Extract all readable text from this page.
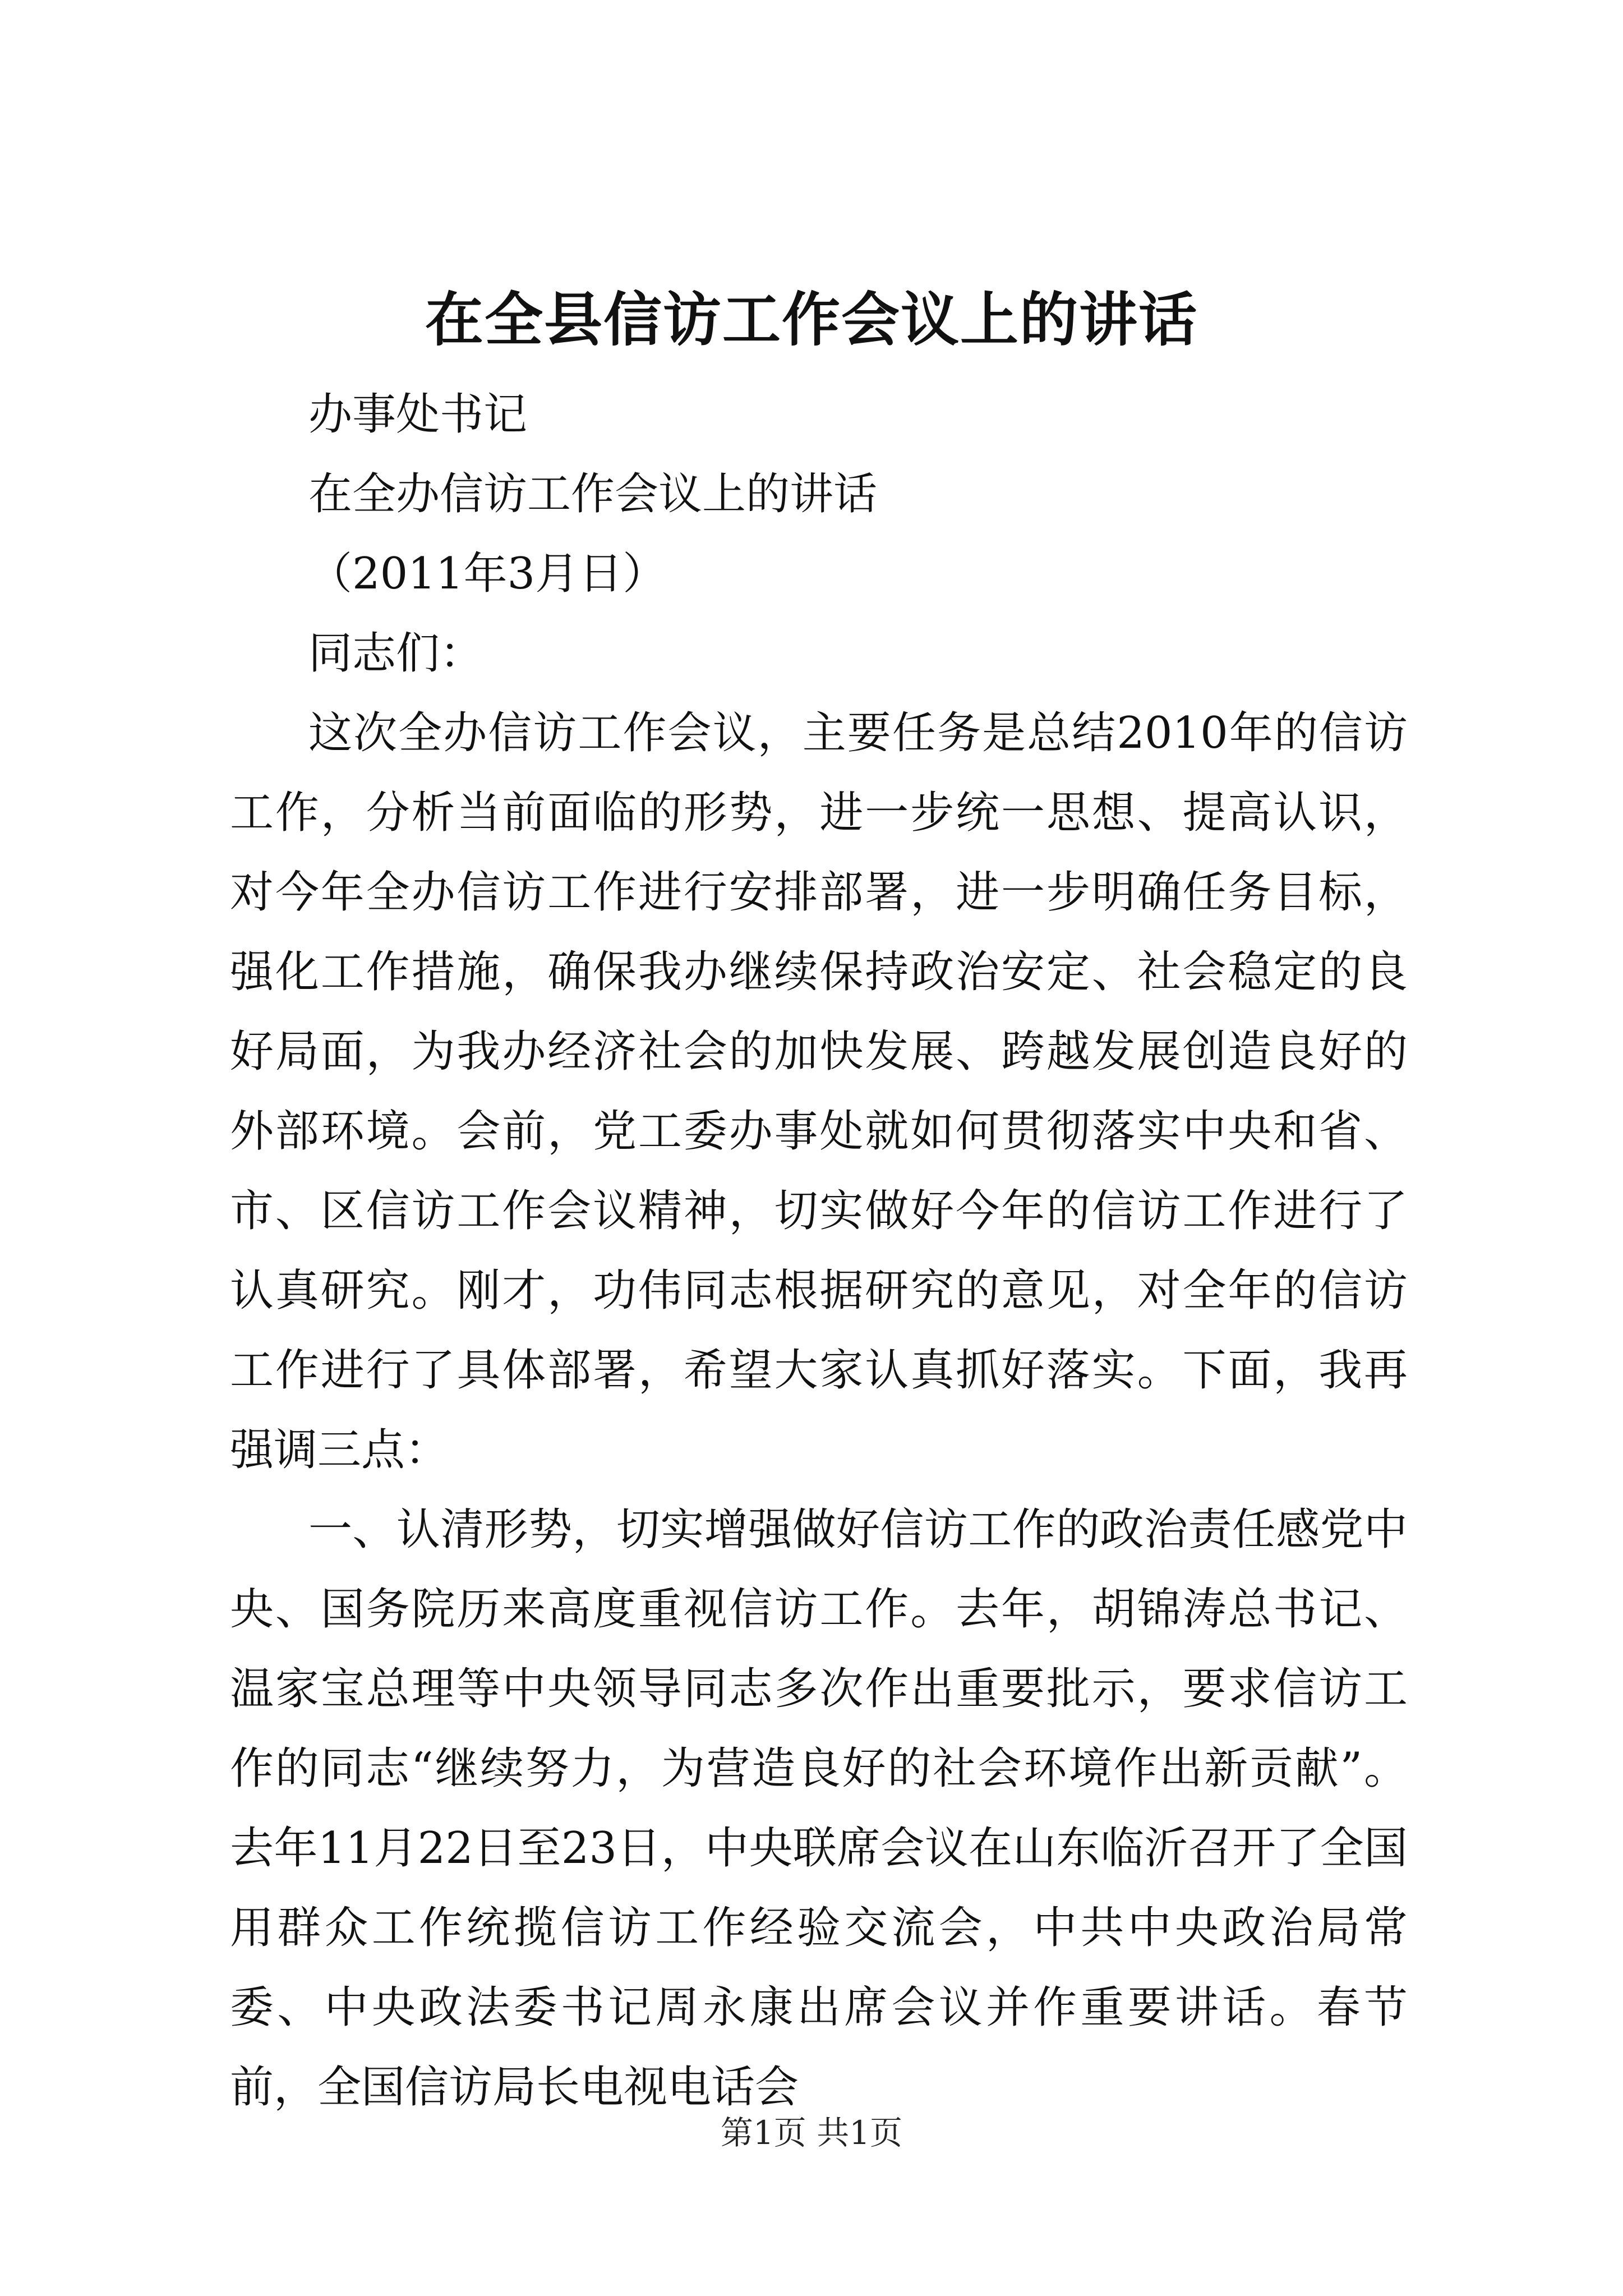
在全县信访工作会议上的讲话

办事处书记

在全办信访工作会议上的讲话

（2011年3月日）

同志们：

这次全办信访工作会议，主要任务是总结2010年的信访工作，分析当前面临的形势，进一步统一思想、提高认识，对今年全办信访工作进行安排部署，进一步明确任务目标，强化工作措施，确保我办继续保持政治安定、社会稳定的良好局面，为我办经济社会的加快发展、跨越发展创造良好的外部环境。会前，党工委办事处就如何贯彻落实中央和省、市、区信访工作会议精神，切实做好今年的信访工作进行了认真研究。刚才，功伟同志根据研究的意见，对全年的信访工作进行了具体部署，希望大家认真抓好落实。下面，我再强调三点：

一、认清形势，切实增强做好信访工作的政治责任感党中央、国务院历来高度重视信访工作。去年，胡锦涛总书记、温家宝总理等中央领导同志多次作出重要批示，要求信访工作的同志“继续努力，为营造良好的社会环境作出新贡献”。去年11月22日至23日，中央联席会议在山东临沂召开了全国用群众工作统揽信访工作经验交流会，中共中央政治局常委、中央政法委书记周永康出席会议并作重要讲话。春节前，全国信访局长电视电话会

第1页 共1页
